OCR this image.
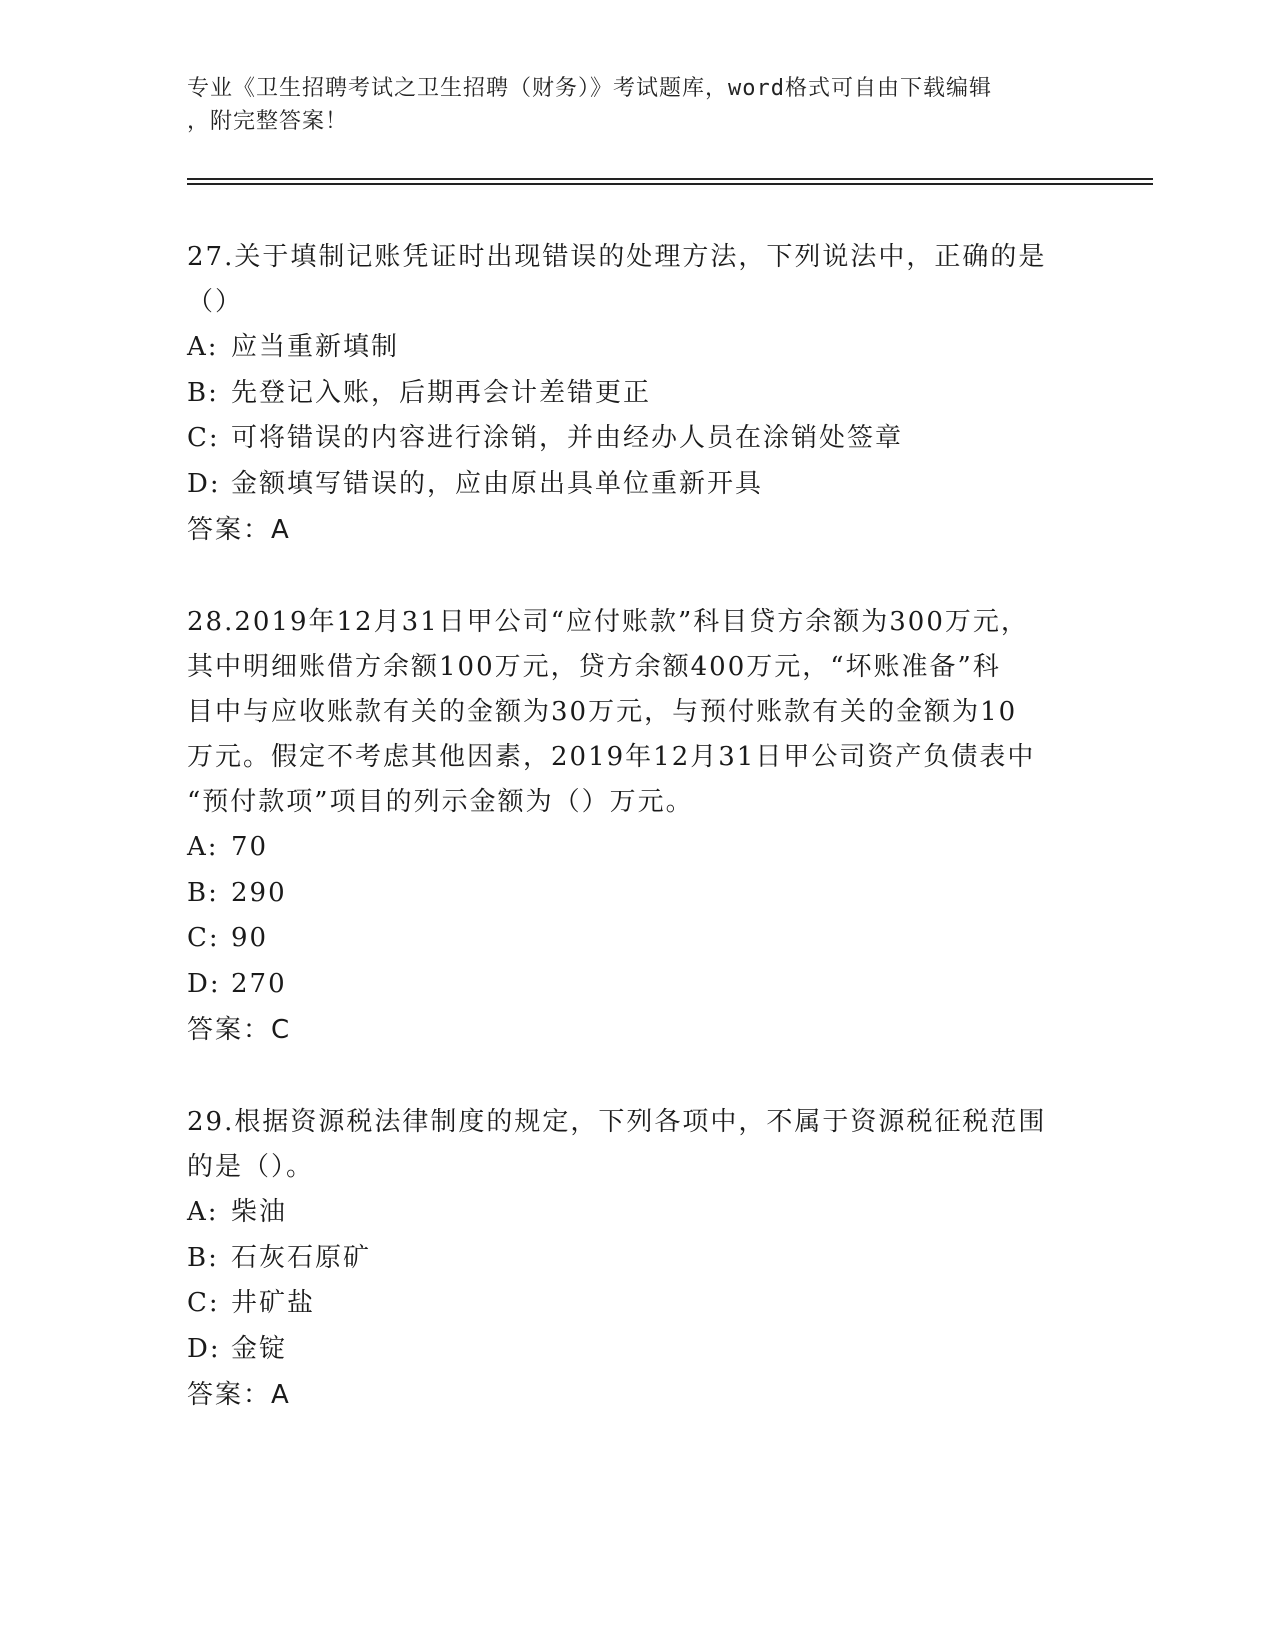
专业《卫生招聘考试之卫生招聘（财务）》考试题库，word格式可自由下载编辑
，附完整答案！

27.关于填制记账凭证时出现错误的处理方法，下列说法中，正确的是

（）

A: 应当重新填制

B: 先登记入账，后期再会计差错更正

C: 可将错误的内容进行涂销，并由经办人员在涂销处签章

D: 金额填写错误的，应由原出具单位重新开具

答案：A

28.2019年12月31日甲公司“应付账款”科目贷方余额为300万元，

其中明细账借方余额100万元，贷方余额400万元，“坏账准备”科

目中与应收账款有关的金额为30万元，与预付账款有关的金额为10

万元。假定不考虑其他因素，2019年12月31日甲公司资产负债表中

“预付款项”项目的列示金额为（）万元。

A: 70

B: 290

C: 90

D: 270

答案：C

29.根据资源税法律制度的规定，下列各项中，不属于资源税征税范围

的是（）。

A: 柴油

B: 石灰石原矿

C: 井矿盐

D: 金锭

答案：A
